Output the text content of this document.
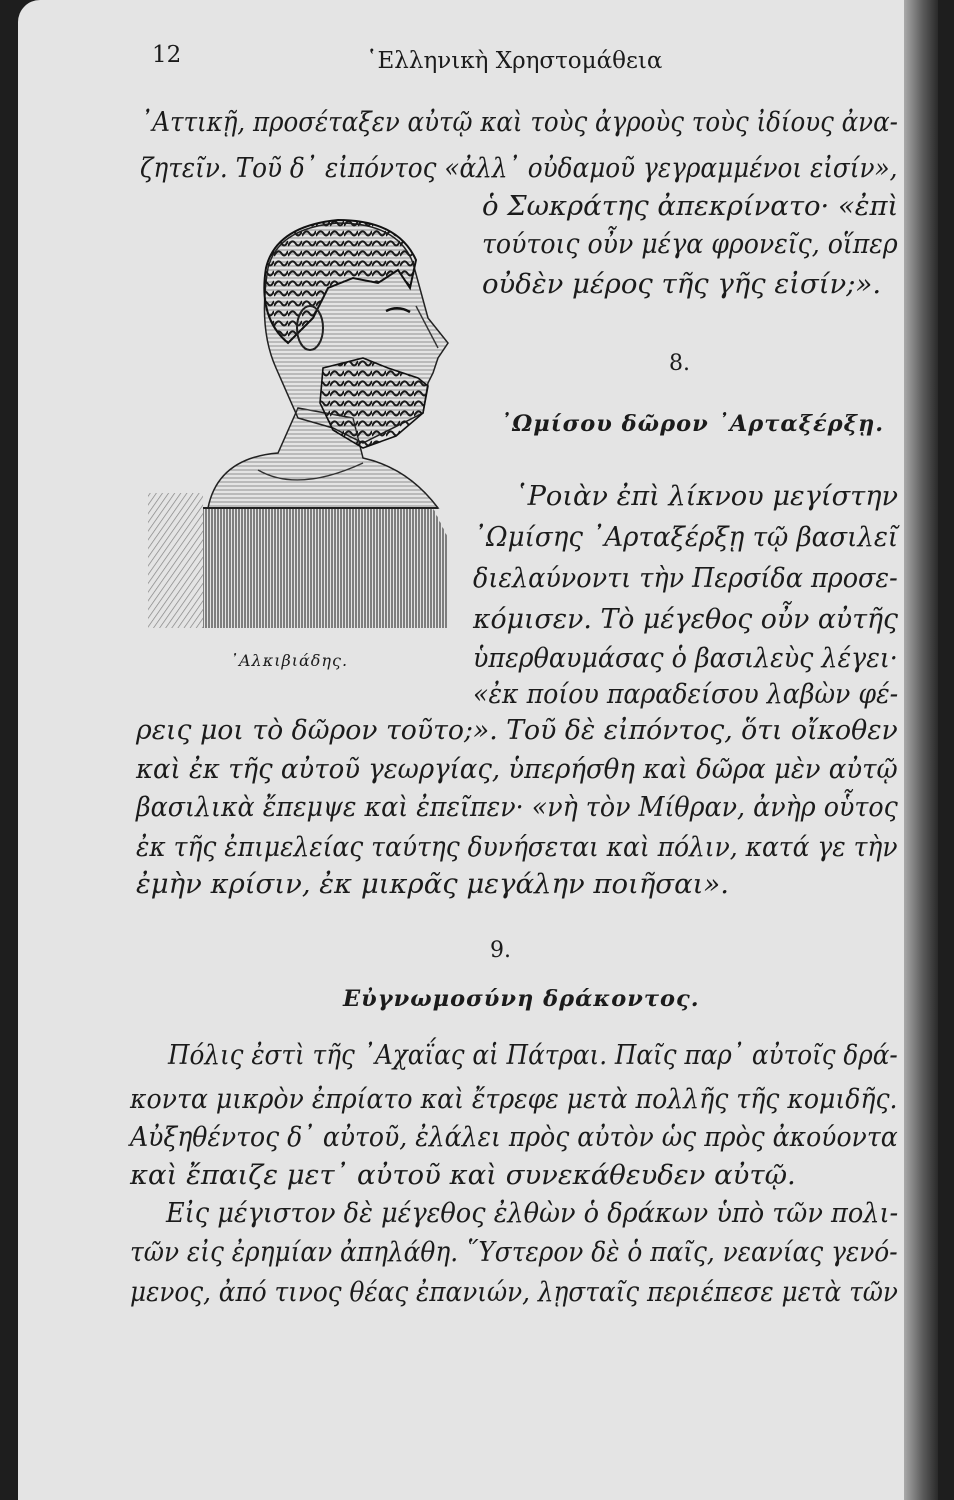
12	῾Ελληνικὴ Χρηστομάθεια
᾿Αττικῇ, προσέταξεν αὐτῷ καὶ τοὺς ἀγροὺς τοὺς ἰδίους ἀνα-
ζητεῖν. Τοῦ δ᾿ εἰπόντος «ἀλλ᾿ οὐδαμοῦ γεγραμμένοι εἰσίν»,
ὁ Σωκράτης ἀπεκρίνατο· «ἐπὶ
τούτοις οὖν μέγα φρονεῖς, οἵπερ
οὐδὲν μέρος τῆς γῆς εἰσίν;».
᾿Αλκιβιάδης.
8.
᾿Ωμίσου δῶρον ᾿Αρταξέρξῃ.
῾Ροιὰν ἐπὶ λίκνου μεγίστην
᾿Ωμίσης ᾿Αρταξέρξῃ τῷ βασιλεῖ
διελαύνοντι τὴν Περσίδα προσε-
κόμισεν. Τὸ μέγεθος οὖν αὐτῆς
ὑπερθαυμάσας ὁ βασιλεὺς λέγει·
«ἐκ ποίου παραδείσου λαβὼν φέ-
ρεις μοι τὸ δῶρον τοῦτο;». Τοῦ δὲ εἰπόντος, ὅτι οἴκοθεν
καὶ ἐκ τῆς αὐτοῦ γεωργίας, ὑπερήσθη καὶ δῶρα μὲν αὐτῷ
βασιλικὰ ἔπεμψε καὶ ἐπεῖπεν· «νὴ τὸν Μίθραν, ἀνὴρ οὗτος
ἐκ τῆς ἐπιμελείας ταύτης δυνήσεται καὶ πόλιν, κατά γε τὴν
ἐμὴν κρίσιν, ἐκ μικρᾶς μεγάλην ποιῆσαι».
9.
Εὐγνωμοσύνη δράκοντος.
Πόλις ἐστὶ τῆς ᾿Αχαΐας αἱ Πάτραι. Παῖς παρ᾿ αὐτοῖς δρά-
κοντα μικρὸν ἐπρίατο καὶ ἔτρεφε μετὰ πολλῆς τῆς κομιδῆς.
Αὐξηθέντος δ᾿ αὐτοῦ, ἐλάλει πρὸς αὐτὸν ὡς πρὸς ἀκούοντα
καὶ ἔπαιζε μετ᾿ αὐτοῦ καὶ συνεκάθευδεν αὐτῷ.
Εἰς μέγιστον δὲ μέγεθος ἐλθὼν ὁ δράκων ὑπὸ τῶν πολι-
τῶν εἰς ἐρημίαν ἀπηλάθη. ῞Υστερον δὲ ὁ παῖς, νεανίας γενό-
μενος, ἀπό τινος θέας ἐπανιών, λῃσταῖς περιέπεσε μετὰ τῶν
